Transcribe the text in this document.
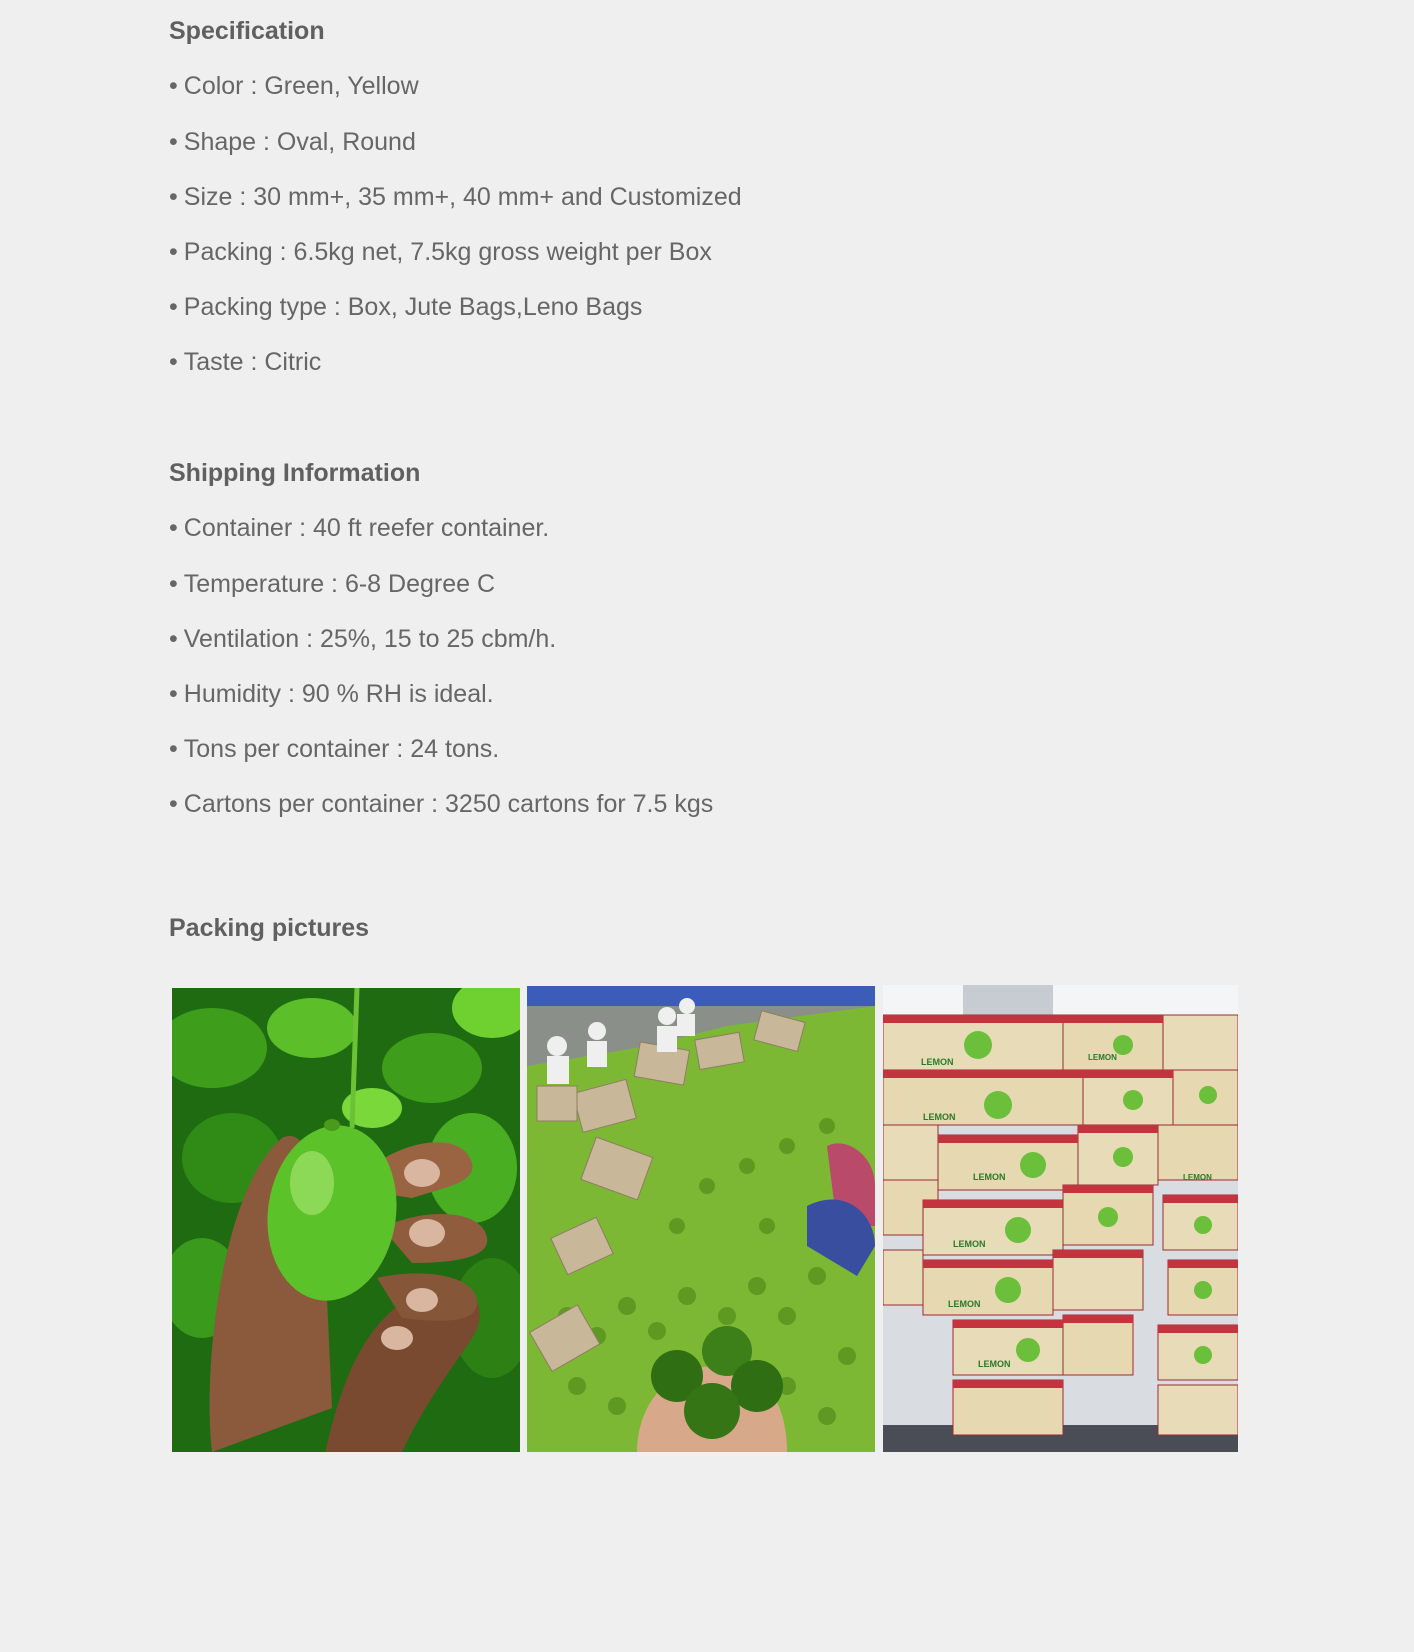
Specification

• Color : Green, Yellow

• Shape : Oval, Round

• Size : 30 mm+, 35 mm+, 40 mm+ and Customized

• Packing : 6.5kg net, 7.5kg gross weight per Box

• Packing type : Box, Jute Bags,Leno Bags

• Taste : Citric

Shipping Information

• Container : 40 ft reefer container.

• Temperature : 6-8 Degree C

• Ventilation : 25%, 15 to 25 cbm/h.

• Humidity : 90 % RH is ideal.

• Tons per container : 24 tons.

• Cartons per container : 3250 cartons for 7.5 kgs

Packing pictures
LEMON
LEMON
LEMON
LEMON
LEMON
LEMON
LEMON
LEMON
